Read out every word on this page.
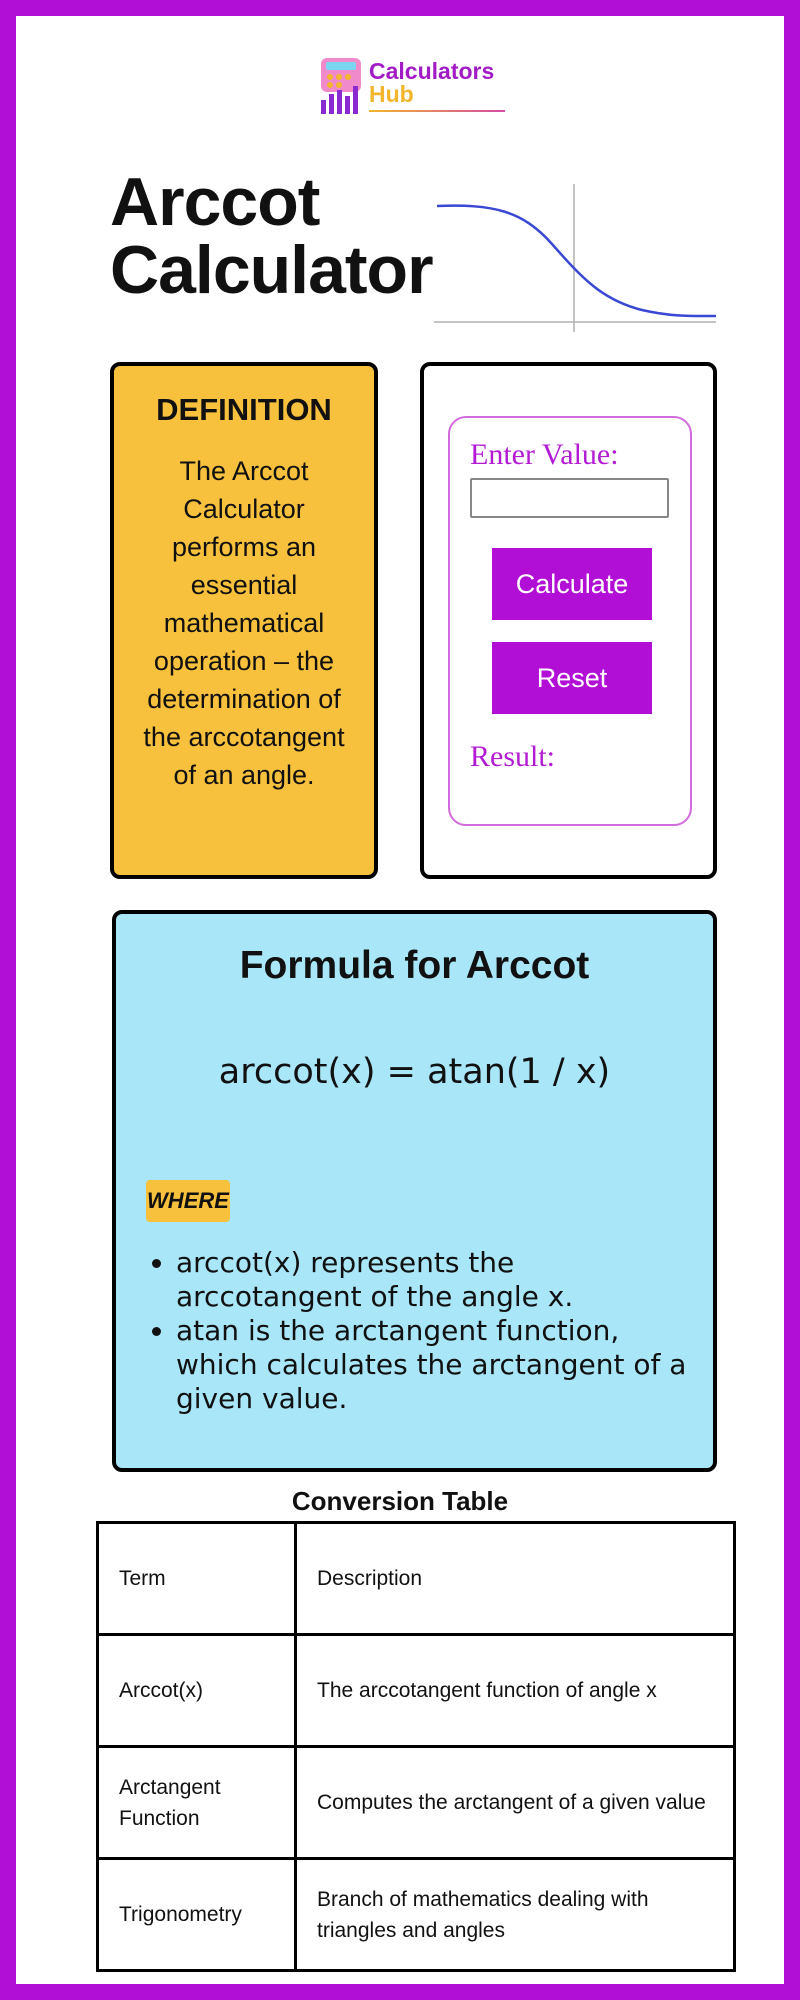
Calculators
Hub
Arccot
Calculator
DEFINITION
The Arccot Calculator performs an essential mathematical operation – the determination of the arccotangent of an angle.
Enter Value:
Calculate
Reset
Result:
Formula for Arccot
arccot(x) = atan(1 / x)
WHERE
• arccot(x) represents the arccotangent of the angle x.
• atan is the arctangent function, which calculates the arctangent of a given value.
Conversion Table
Term	Description
Arccot(x)	The arccotangent function of angle x
Arctangent Function	Computes the arctangent of a given value
Trigonometry	Branch of mathematics dealing with triangles and angles
